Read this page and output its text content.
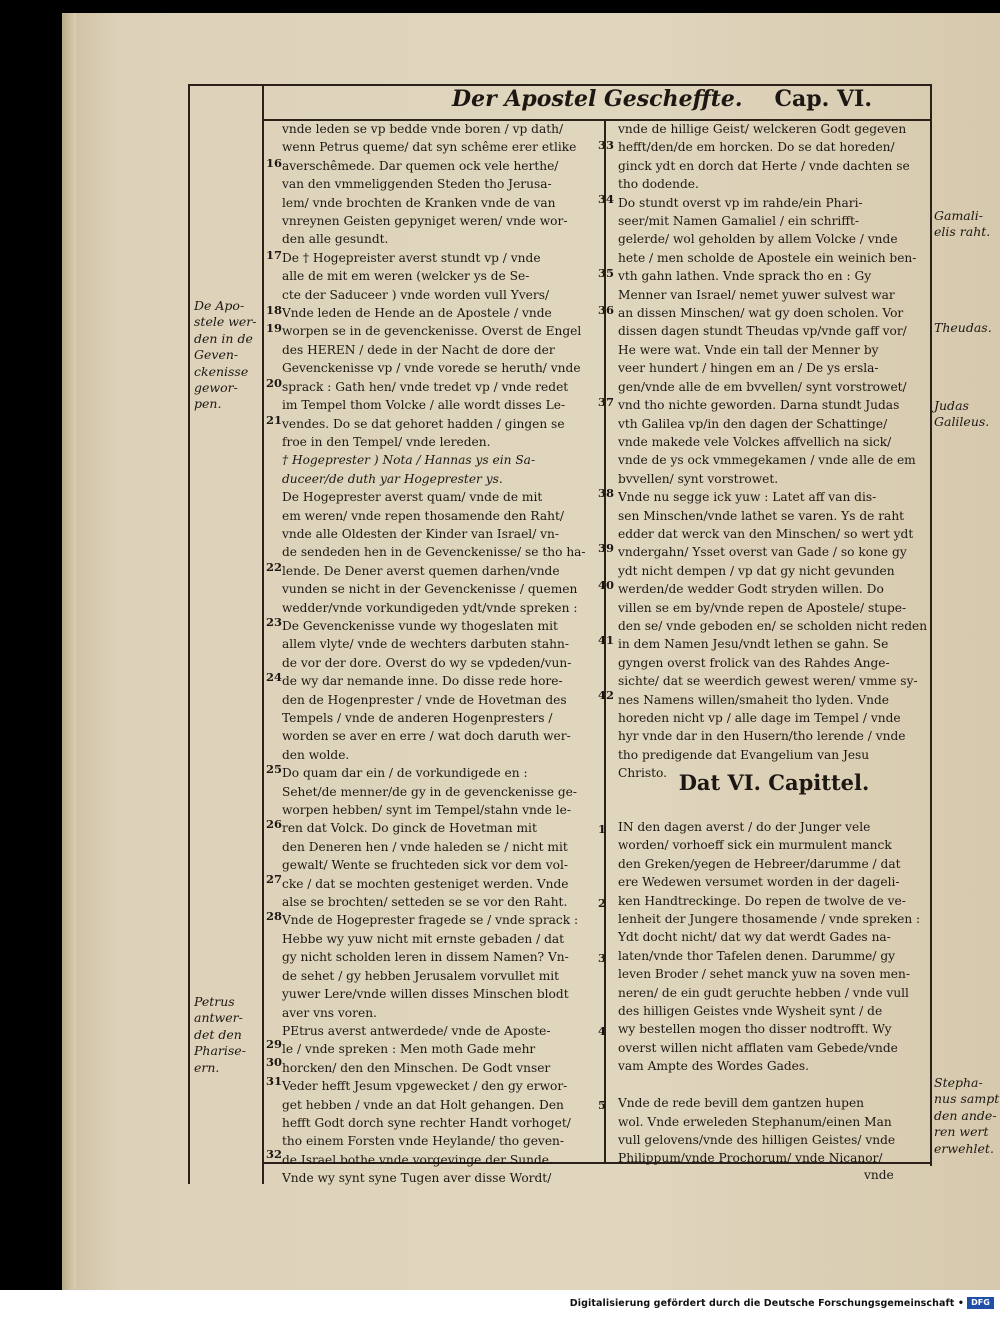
Der Apostel Gescheffte. Cap. VI.

vnde leden se vp bedde vnde boren / vp dath/

wenn Petrus queme/ dat syn schême erer etlike

averschêmede. Dar quemen ock vele herthe/

van den vmmeliggenden Steden tho Jerusa-

lem/ vnde brochten de Kranken vnde de van

vnreynen Geisten gepyniget weren/ vnde wor-

den alle gesundt.

De † Hogepreister averst stundt vp / vnde

alle de mit em weren (welcker ys de Se-

cte der Saduceer ) vnde worden vull Yvers/

Vnde leden de Hende an de Apostele / vnde

worpen se in de gevenckenisse. Overst de Engel

des HEREN / dede in der Nacht de dore der

Gevenckenisse vp / vnde vorede se heruth/ vnde

sprack : Gath hen/ vnde tredet vp / vnde redet

im Tempel thom Volcke / alle wordt disses Le-

vendes. Do se dat gehoret hadden / gingen se

froe in den Tempel/ vnde lereden.

† Hogeprester ) Nota / Hannas ys ein Sa-

duceer/de duth yar Hogeprester ys.

De Hogeprester averst quam/ vnde de mit

em weren/ vnde repen thosamende den Raht/

vnde alle Oldesten der Kinder van Israel/ vn-

de sendeden hen in de Gevenckenisse/ se tho ha-

lende. De Dener averst quemen darhen/vnde

vunden se nicht in der Gevenckenisse / quemen

wedder/vnde vorkundigeden ydt/vnde spreken :

De Gevenckenisse vunde wy thogeslaten mit

allem vlyte/ vnde de wechters darbuten stahn-

de vor der dore. Overst do wy se vpdeden/vun-

de wy dar nemande inne. Do disse rede hore-

den de Hogenprester / vnde de Hovetman des

Tempels / vnde de anderen Hogenpresters /

worden se aver en erre / wat doch daruth wer-

den wolde.

Do quam dar ein / de vorkundigede en :

Sehet/de menner/de gy in de gevenckenisse ge-

worpen hebben/ synt im Tempel/stahn vnde le-

ren dat Volck. Do ginck de Hovetman mit

den Deneren hen / vnde haleden se / nicht mit

gewalt/ Wente se fruchteden sick vor dem vol-

cke / dat se mochten gesteniget werden. Vnde

alse se brochten/ setteden se se vor den Raht.

Vnde de Hogeprester fragede se / vnde sprack :

Hebbe wy yuw nicht mit ernste gebaden / dat

gy nicht scholden leren in dissem Namen? Vn-

de sehet / gy hebben Jerusalem vorvullet mit

yuwer Lere/vnde willen disses Minschen blodt

aver vns voren.

PEtrus averst antwerdede/ vnde de Aposte-

le / vnde spreken : Men moth Gade mehr

horcken/ den den Minschen. De Godt vnser

Veder hefft Jesum vpgewecket / den gy erwor-

get hebben / vnde an dat Holt gehangen. Den

hefft Godt dorch syne rechter Handt vorhoget/

tho einem Forsten vnde Heylande/ tho geven-

de Israel bothe vnde vorgevinge der Sunde.

Vnde wy synt syne Tugen aver disse Wordt/

16
17
18
19
20
21
22
23
24
25
26
27
28
29
30
31
32

vnde de hillige Geist/ welckeren Godt gegeven

hefft/den/de em horcken. Do se dat horeden/

ginck ydt en dorch dat Herte / vnde dachten se

tho dodende.

Do stundt overst vp im rahde/ein Phari-

seer/mit Namen Gamaliel / ein schrifft-

gelerde/ wol geholden by allem Volcke / vnde

hete / men scholde de Apostele ein weinich ben-

vth gahn lathen. Vnde sprack tho en : Gy

Menner van Israel/ nemet yuwer sulvest war

an dissen Minschen/ wat gy doen scholen. Vor

dissen dagen stundt Theudas vp/vnde gaff vor/

He were wat. Vnde ein tall der Menner by

veer hundert / hingen em an / De ys ersla-

gen/vnde alle de em bvvellen/ synt vorstrowet/

vnd tho nichte geworden. Darna stundt Judas

vth Galilea vp/in den dagen der Schattinge/

vnde makede vele Volckes affvellich na sick/

vnde de ys ock vmmegekamen / vnde alle de em

bvvellen/ synt vorstrowet.

Vnde nu segge ick yuw : Latet aff van dis-

sen Minschen/vnde lathet se varen. Ys de raht

edder dat werck van den Minschen/ so wert ydt

vndergahn/ Ysset overst van Gade / so kone gy

ydt nicht dempen / vp dat gy nicht gevunden

werden/de wedder Godt stryden willen. Do

villen se em by/vnde repen de Apostele/ stupe-

den se/ vnde geboden en/ se scholden nicht reden

in dem Namen Jesu/vndt lethen se gahn. Se

gyngen overst frolick van des Rahdes Ange-

sichte/ dat se weerdich gewest weren/ vmme sy-

nes Namens willen/smaheit tho lyden. Vnde

horeden nicht vp / alle dage im Tempel / vnde

hyr vnde dar in den Husern/tho lerende / vnde

tho predigende dat Evangelium van Jesu

Christo. Dat VI. Capittel.

IN den dagen averst / do der Junger vele

worden/ vorhoeff sick ein murmulent manck

den Greken/yegen de Hebreer/darumme / dat

ere Wedewen versumet worden in der dageli-

ken Handtreckinge. Do repen de twolve de ve-

lenheit der Jungere thosamende / vnde spreken :

Ydt docht nicht/ dat wy dat werdt Gades na-

laten/vnde thor Tafelen denen. Darumme/ gy

leven Broder / sehet manck yuw na soven men-

neren/ de ein gudt geruchte hebben / vnde vull

des hilligen Geistes vnde Wysheit synt / de

wy bestellen mogen tho disser nodtrofft. Wy

overst willen nicht afflaten vam Gebede/vnde

vam Ampte des Wordes Gades.

Vnde de rede bevill dem gantzen hupen

wol. Vnde erweleden Stephanum/einen Man

vull gelovens/vnde des hilligen Geistes/ vnde

Philippum/vnde Prochorum/ vnde Nicanor/

33
34
35
36
37
38
39
40
41
42
1
2
3
4
5
De Apo-
stele wer-
den in de
Geven-
ckenisse
gewor-
pen.
Petrus
antwer-
det den
Pharise-
ern.
Gamali-
elis raht.
Theudas.
Judas
Galileus.
Stepha-
nus sampt
den ande-
ren wert
erwehlet.
vnde
Digitalisierung gefördert durch die Deutsche Forschungsgemeinschaft • DFG
